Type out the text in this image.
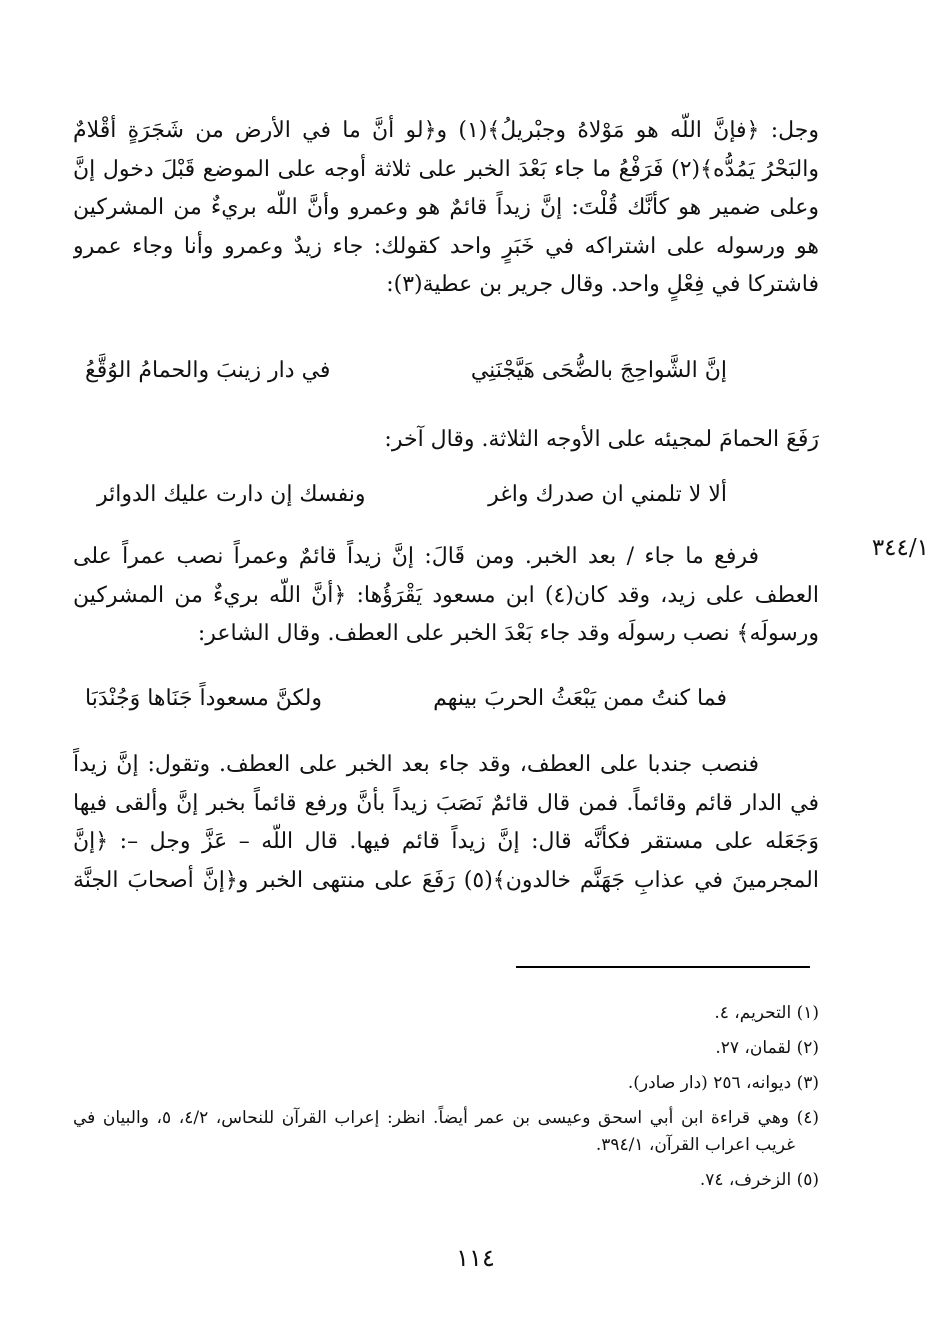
وجل: ﴿فإنَّ اللّه هو مَوْلاهُ وجبْريلُ﴾(١) و﴿لو أنَّ ما في الأرض من شَجَرَةٍ أقْلامٌ

والبَحْرُ يَمُدُّه﴾(٢) فَرَفْعُ ما جاء بَعْدَ الخبر على ثلاثة أوجه على الموضع قَبْلَ دخول إنَّ

وعلى ضمير هو كأنَّك قُلْتَ: إنَّ زيداً قائمٌ هو وعمرو وأنَّ اللّه بريءٌ من المشركين

هو ورسوله على اشتراكه في خَبَرٍ واحد كقولك: جاء زيدٌ وعمرو وأنا وجاء عمرو

فاشتركا في فِعْلٍ واحد. وقال جرير بن عطية(٣):

إنَّ الشَّواحِجَ بالضُّحَى هَيَّجْنَنِي
في دار زينبَ والحمامُ الوُقَّعُ

رَفَعَ الحمامَ لمجيئه على الأوجه الثلاثة. وقال آخر:

ألا لا تلمني ان صدرك واغر
ونفسك إن دارت عليك الدوائر
٣٤٤/١

فرفع ما جاء / بعد الخبر. ومن قَالَ: إنَّ زيداً قائمٌ وعمراً نصب عمراً على

العطف على زيد، وقد كان(٤) ابن مسعود يَقْرَؤُها: ﴿أنَّ اللّه بريءٌ من المشركين

ورسولَه﴾ نصب رسولَه وقد جاء بَعْدَ الخبر على العطف. وقال الشاعر:

فما كنتُ ممن يَبْعَثُ الحربَ بينهم
ولكنَّ مسعوداً جَنَاها وَجُنْدَبَا

فنصب جندبا على العطف، وقد جاء بعد الخبر على العطف. وتقول: إنَّ زيداً

في الدار قائم وقائماً. فمن قال قائمٌ نَصَبَ زيداً بأنَّ ورفع قائماً بخبر إنَّ وألقى فيها

وَجَعَله على مستقر فكأنَّه قال: إنَّ زيداً قائم فيها. قال اللّه – عَزَّ وجل –: ﴿إنَّ

المجرمينَ في عذابِ جَهَنَّم خالدون﴾(٥) رَفَعَ على منتهى الخبر و﴿إنَّ أصحابَ الجنَّة

(١) التحريم، ٤.

(٢) لقمان، ٢٧.

(٣) ديوانه، ٢٥٦ (دار صادر).

(٤) وهي قراءة ابن أبي اسحق وعيسى بن عمر أيضاً. انظر: إعراب القرآن للنحاس، ٤/٢، ٥، والبيان في

غريب اعراب القرآن، ٣٩٤/١.

(٥) الزخرف، ٧٤.

١١٤
